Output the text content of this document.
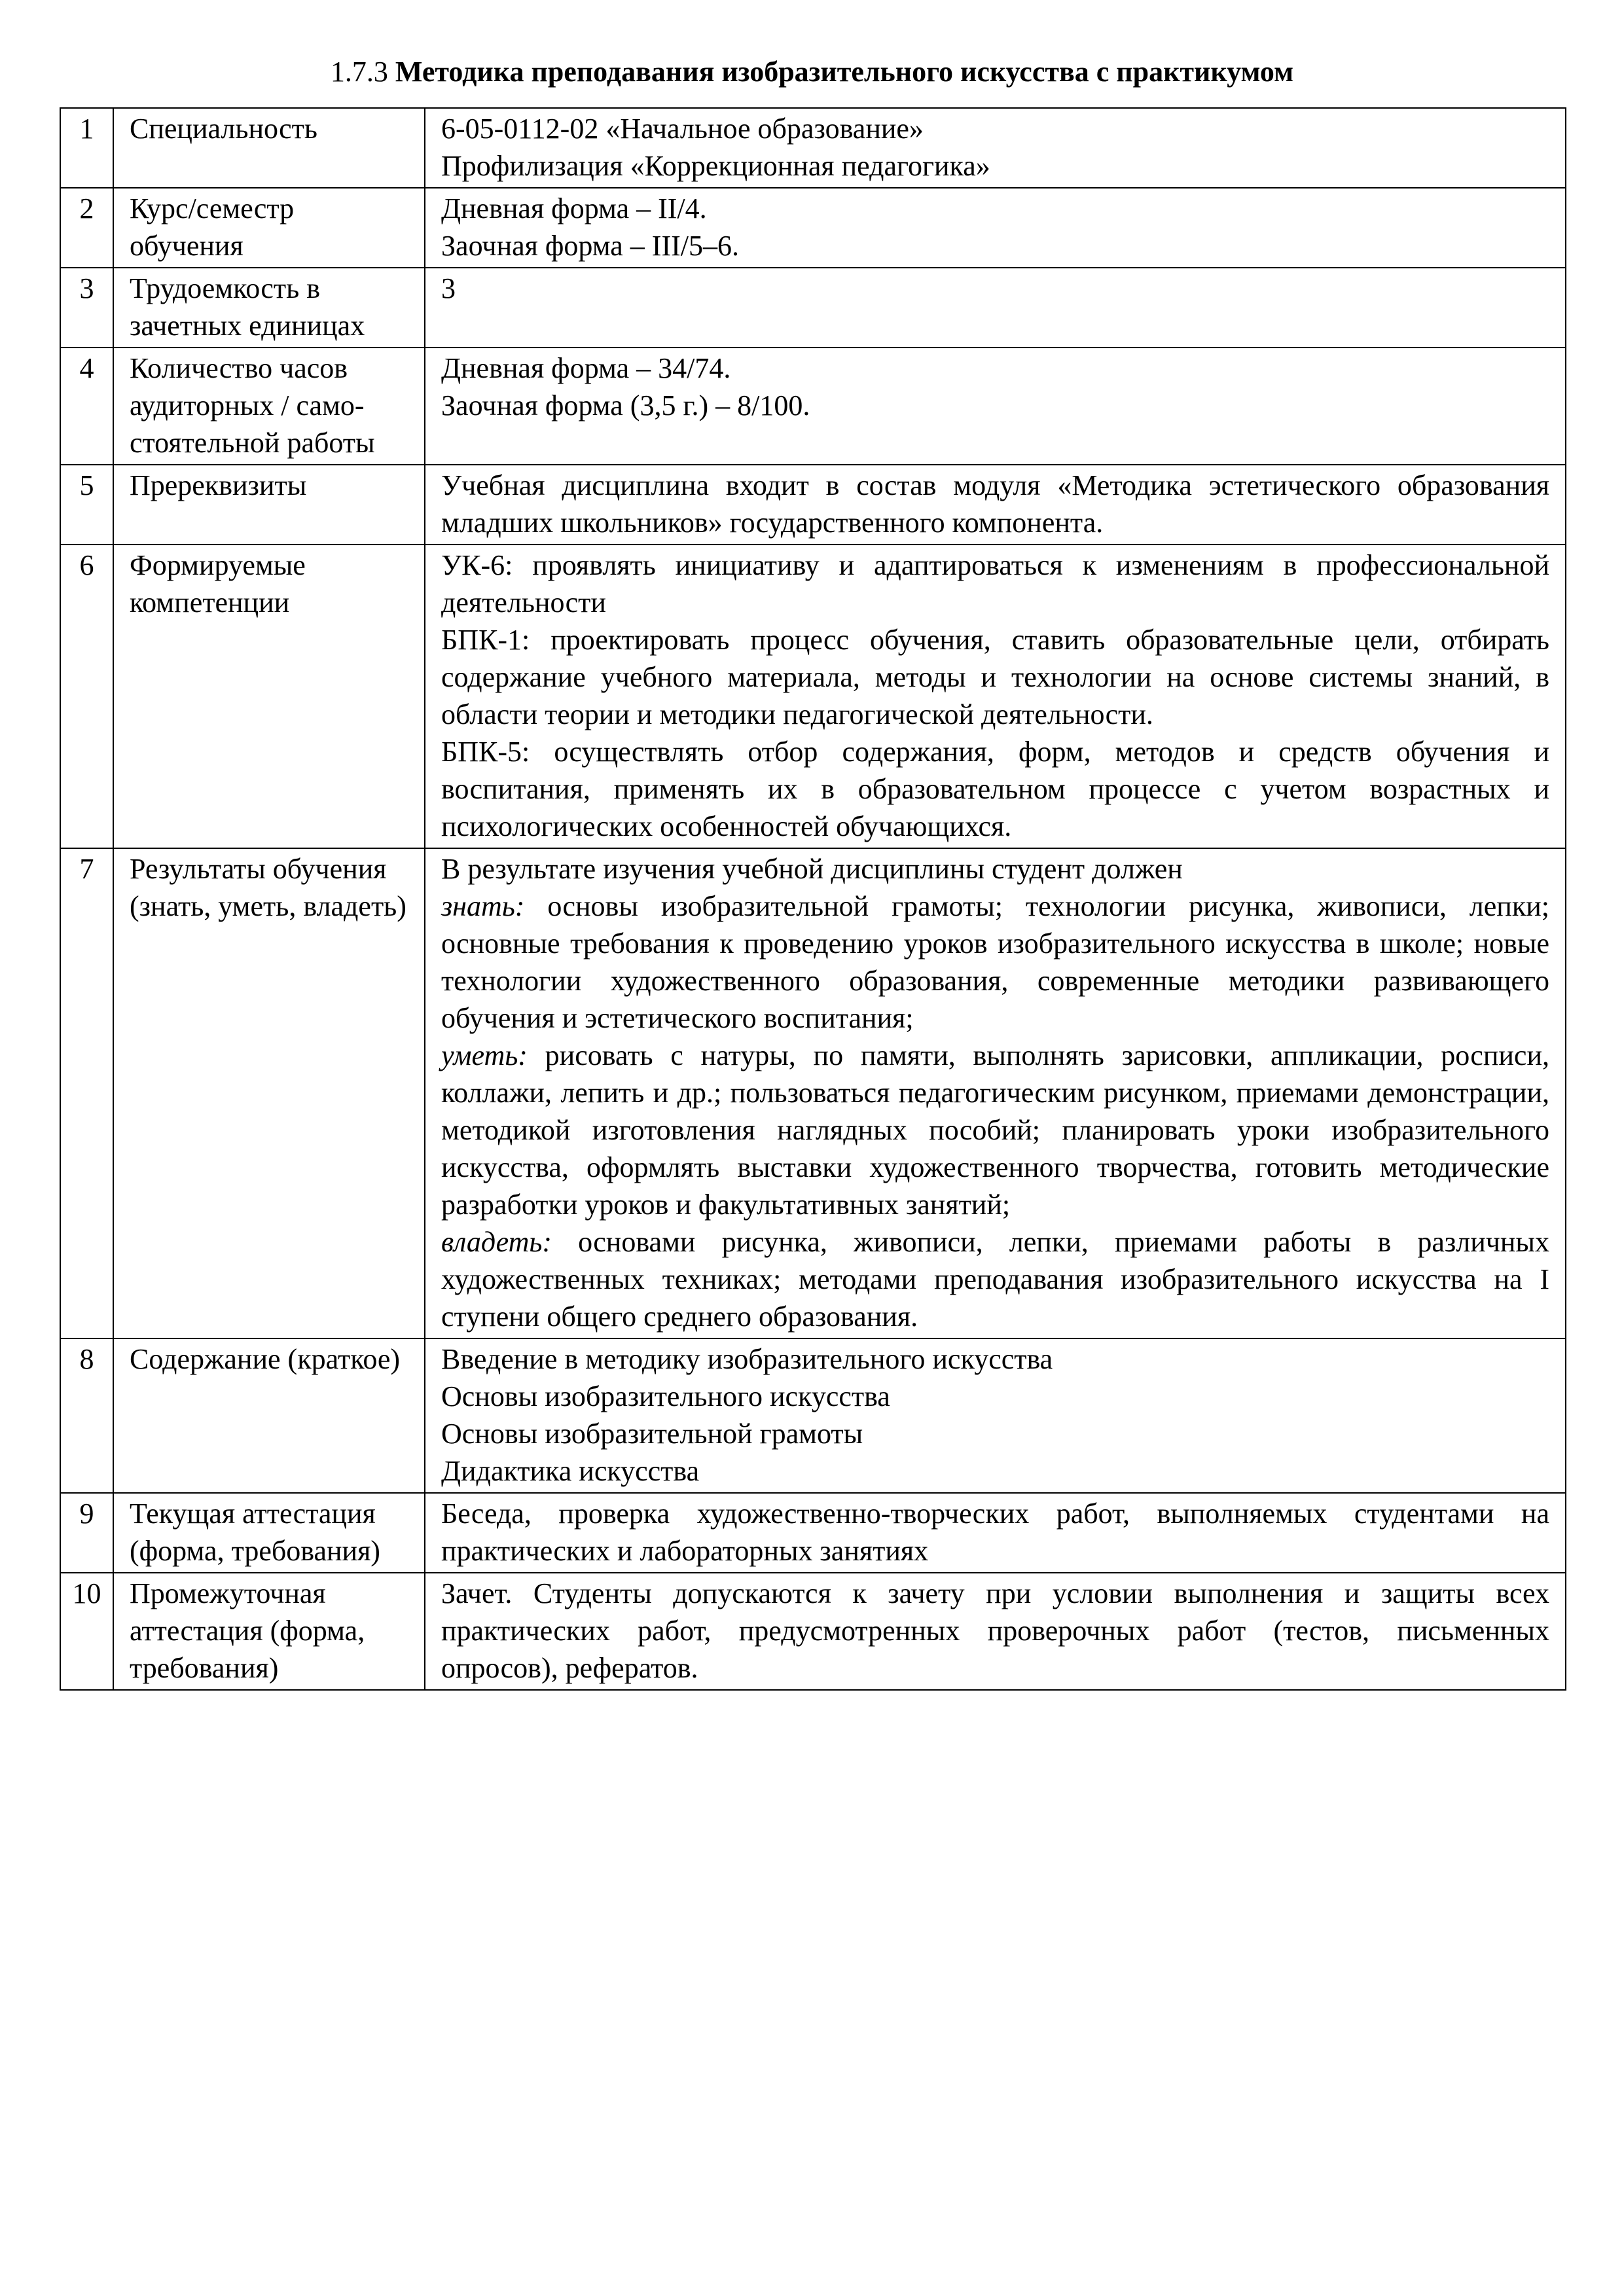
1.7.3 Методика преподавания изобразительного искусства с практикумом
1	Специальность	6-05-0112-02 «Начальное образование»
Профилизация «Коррекционная педагогика»

2	Курс/семестр обучения	Дневная форма – II/4.
Заочная форма – III/5–6.

3	Трудоемкость в зачетных единицах	3

4	Количество часов аудиторных / само-стоятельной работы	Дневная форма – 34/74.
Заочная форма (3,5 г.) – 8/100.

5	Пререквизиты	Учебная дисциплина входит в состав модуля «Методика эстетического образования младших школьников» государственного компонента.

6	Формируемые компетенции	УК-6: проявлять инициативу и адаптироваться к изменениям в профессиональной деятельности
БПК-1: проектировать процесс обучения, ставить образовательные цели, отбирать содержание учебного материала, методы и технологии на основе системы знаний, в области теории и методики педагогической деятельности.
БПК-5: осуществлять отбор содержания, форм, методов и средств обучения и воспитания, применять их в образовательном процессе с учетом возрастных и психологических особенностей обучающихся.

7	Результаты обучения (знать, уметь, владеть)	В результате изучения учебной дисциплины студент должен
знать: основы изобразительной грамоты; технологии рисунка, живописи, лепки; основные требования к проведению уроков изобразительного искусства в школе; новые технологии художественного образования, современные методики развивающего обучения и эстетического воспитания;
уметь: рисовать с натуры, по памяти, выполнять зарисовки, аппликации, росписи, коллажи, лепить и др.; пользоваться педагогическим рисунком, приемами демонстрации, методикой изготовления наглядных пособий; планировать уроки изобразительного искусства, оформлять выставки художественного творчества, готовить методические разработки уроков и факультативных занятий;
владеть: основами рисунка, живописи, лепки, приемами работы в различных художественных техниках; методами преподавания изобразительного искусства на I ступени общего среднего образования.

8	Содержание (краткое)	Введение в методику изобразительного искусства
Основы изобразительного искусства
Основы изобразительной грамоты
Дидактика искусства

9	Текущая аттестация (форма, требования)	Беседа, проверка художественно-творческих работ, выполняемых студентами на практических и лабораторных занятиях

10	Промежуточная аттестация (форма, требования)	Зачет. Студенты допускаются к зачету при условии выполнения и защиты всех практических работ, предусмотренных проверочных работ (тестов, письменных опросов), рефератов.
